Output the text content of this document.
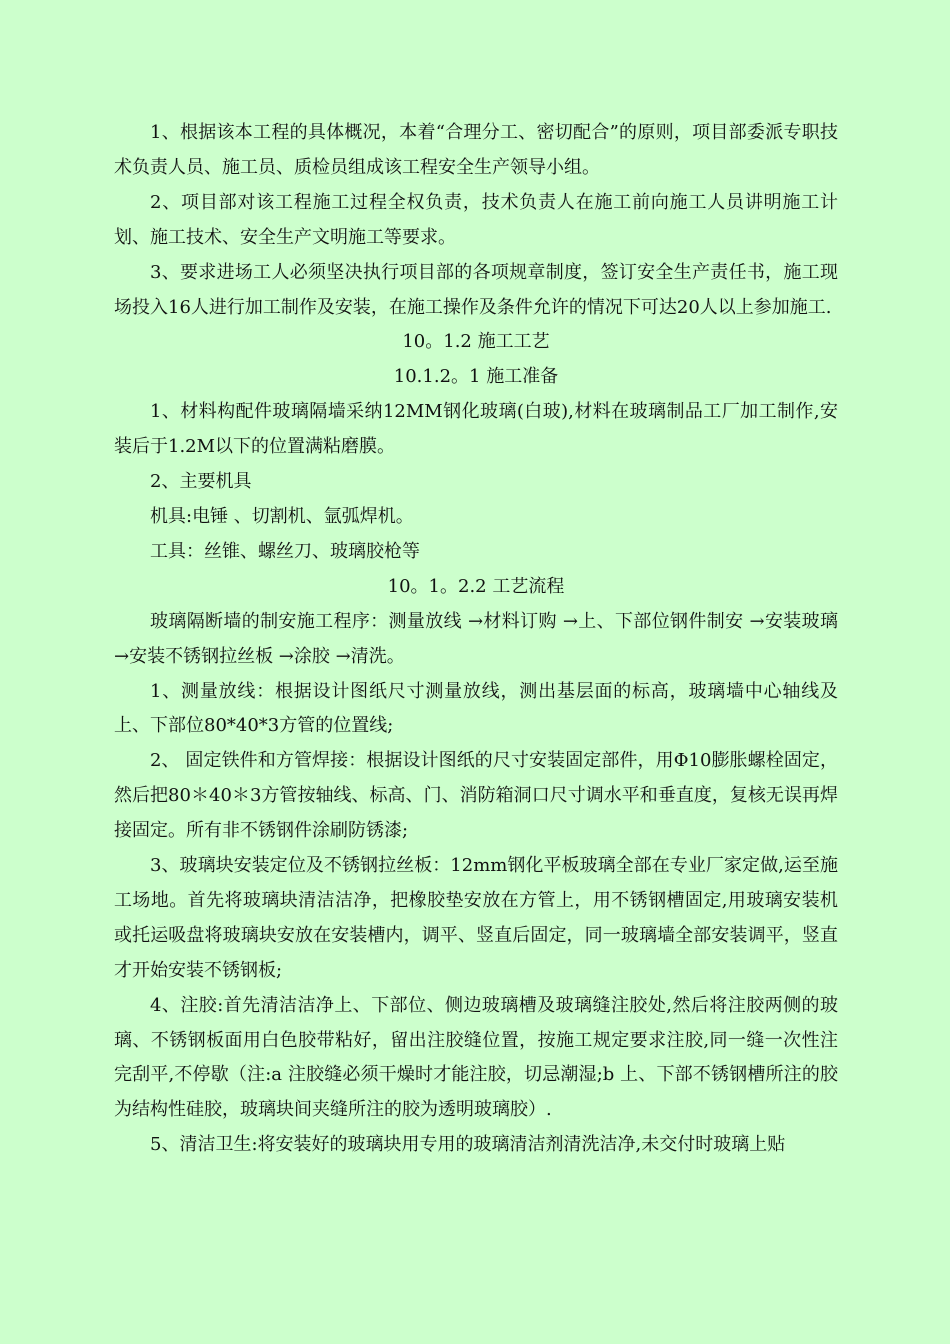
1、根据该本工程的具体概况，本着“合理分工、密切配合”的原则，项目部委派专职技术负责人员、施工员、质检员组成该工程安全生产领导小组。

2、项目部对该工程施工过程全权负责，技术负责人在施工前向施工人员讲明施工计划、施工技术、安全生产文明施工等要求。

3、要求进场工人必须坚决执行项目部的各项规章制度，签订安全生产责任书，施工现场投入16人进行加工制作及安装，在施工操作及条件允许的情况下可达20人以上参加施工.

10。1.2 施工工艺

10.1.2。1 施工准备

1、材料构配件玻璃隔墙采纳12MM钢化玻璃(白玻),材料在玻璃制品工厂加工制作,安装后于1.2M以下的位置满粘磨膜。

2、主要机具

机具:电锤 、切割机、氩弧焊机。

工具：丝锥、螺丝刀、玻璃胶枪等

10。1。2.2 工艺流程

玻璃隔断墙的制安施工程序：测量放线 →材料订购 →上、下部位钢件制安 →安装玻璃 →安装不锈钢拉丝板 →涂胶 →清洗。

1、测量放线：根据设计图纸尺寸测量放线，测出基层面的标高，玻璃墙中心轴线及上、下部位80*40*3方管的位置线;

2、 固定铁件和方管焊接：根据设计图纸的尺寸安装固定部件，用Φ10膨胀螺栓固定，然后把80＊40＊3方管按轴线、标高、门、消防箱洞口尺寸调水平和垂直度，复核无误再焊接固定。所有非不锈钢件涂刷防锈漆;

3、玻璃块安装定位及不锈钢拉丝板：12mm钢化平板玻璃全部在专业厂家定做,运至施工场地。首先将玻璃块清洁洁净，把橡胶垫安放在方管上，用不锈钢槽固定,用玻璃安装机或托运吸盘将玻璃块安放在安装槽内，调平、竖直后固定，同一玻璃墙全部安装调平，竖直才开始安装不锈钢板;

4、注胶:首先清洁洁净上、下部位、侧边玻璃槽及玻璃缝注胶处,然后将注胶两侧的玻璃、不锈钢板面用白色胶带粘好，留出注胶缝位置，按施工规定要求注胶,同一缝一次性注完刮平,不停歇（注:a 注胶缝必须干燥时才能注胶，切忌潮湿;b 上、下部不锈钢槽所注的胶为结构性硅胶，玻璃块间夹缝所注的胶为透明玻璃胶）.

5、清洁卫生:将安装好的玻璃块用专用的玻璃清洁剂清洗洁净,未交付时玻璃上贴
